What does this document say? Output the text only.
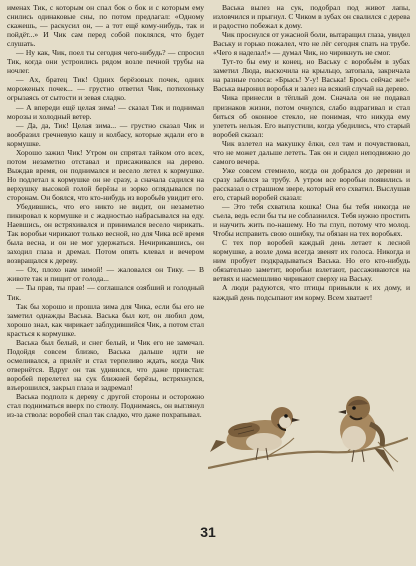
именах Тик, с которым он спал бок о бок и с которым ему снились одинаковые сны, по потом предлагал: «Одному скажешь, — раскусил он, — а тот ещё кому-нибудь, так и пойдёт...» И Чик сам перед собой поклялся, что будет слушать.

— Ну как, Чик, поел ты сегодня чего-нибудь? — спросил Тик, когда они устроились рядом возле печной трубы на ночлег.

— Ах, братец Тик! Одних берёзовых почек, одних мороженых почек... — грустно ответил Чик, потихоньку огрызаясь от сытости и зевая сладко.

— А впереди ещё целая зима! — сказал Тик и поднимал морозы и холодный ветер.

— Да, да, Тик! Целая зима... — грустно сказал Чик и вообразил гречневую кашу и колбасу, которые ждали его в кормушке.

Хорошо зажил Чик! Утром он спрятал тайком ото всех, потом незаметно отставал и присаживался на дерево. Выждав время, он поднимался и весело летел к кормушке. Но подлетал к кормушке он не сразу, а сначала садился на верхушку высокой голой берёзы и зорко оглядывался по сторонам. Он боялся, что кто-нибудь из воробьёв увидит его.

Убедившись, что его никто не видит, он незаметно пикировал к кормушке и с жадностью набрасывался на еду. Наевшись, он встряхивался и принимался весело чирикать. Так воробьи чирикают только весной, но для Чика всё время была весна, и он не мог удержаться. Нечирикавшись, он заходил глаза и дремал. Потом опять клевал и вечером возвращался к дереву.

— Ох, плохо нам зимой! — жаловался он Тику. — В животе так и пищит от голода...

— Ты прав, ты прав! — соглашался озябший и голодный Тик.

Так бы хорошо и прошла зима для Чика, если бы его не заметил однажды Васька. Васька был кот, он любил дом, хорошо знал, как чирикает заблудившийся Чик, а потом стал красться к кормушке.

Васька был белый, и снег белый, и Чик его не замечал. Подойдя совсем близко, Васька дальше идти не осмеливался, а прилёг и стал терпеливо ждать, когда Чик отвернётся. Вдруг он так удивился, что даже привстал: воробей перелетел на сук ближней берёзы, встряхнулся, взъерошился, закрыл глаза и задремал!

Васька подполз к дереву с другой стороны и осторожно стал подниматься вверх по стволу. Поднимаясь, он выглянул из-за ствола: воробей спал так сладко, что даже похрапывал.

Васька вылез на сук, подобрал под живот лапы, изловчился и прыгнул. С Чиком в зубах он свалился с дерева и радостно побежал к дому.

Чик проснулся от ужасной боли, вытаращил глаза, увидел Ваську и горько пожалел, что не лёг сегодня спать на трубе. «Чего я наделал!» — думал Чик, но чирикнуть не смог.

Тут-то бы ему и конец, но Ваську с воробьём в зубах заметил Люда, выскочила на крыльцо, затопала, закричала на разные голоса: «Брысь! У-у! Васька! Брось сейчас же!» Васька выронил воробья и залез на всякий случай на дерево.

Чика принесли в тёплый дом. Сначала он не подавал признаков жизни, потом очнулся, слабо вздрагивал и стал биться об оконное стекло, не понимая, что никуда ему улететь нельзя. Его выпустили, когда убедились, что старый воробей сказал:

Чик взлетел на макушку ёлки, сел там и почувствовал, что не может дальше лететь. Так он и сидел неподвижно до самого вечера.

Уже совсем стемнело, когда он добрался до деревни и сразу забился за трубу. А утром все воробьи появились и рассказал о страшном звере, который его схватил. Выслушав его, старый воробей сказал:

— Это тебя схватила кошка! Она бы тебя никогда не съела, ведь если бы ты не соблазнился. Тебя нужно простить и научить жить по-нашему. Но ты глуп, потому что молод. Чтобы исправить свою ошибку, ты обязан на тех воробьях.

С тех пор воробей каждый день летает к лесной кормушке, а возле дома всегда звенят их голоса. Никогда и ним пробует подкрадываться Васька. Но его кто-нибудь обязательно заметит, воробьи взлетают, рассаживаются на ветвях и насмешливо чирикают сверху на Ваську.

А люди радуются, что птицы привыкли к их дому, и каждый день подсыпают им корму. Всем хватает!

31
